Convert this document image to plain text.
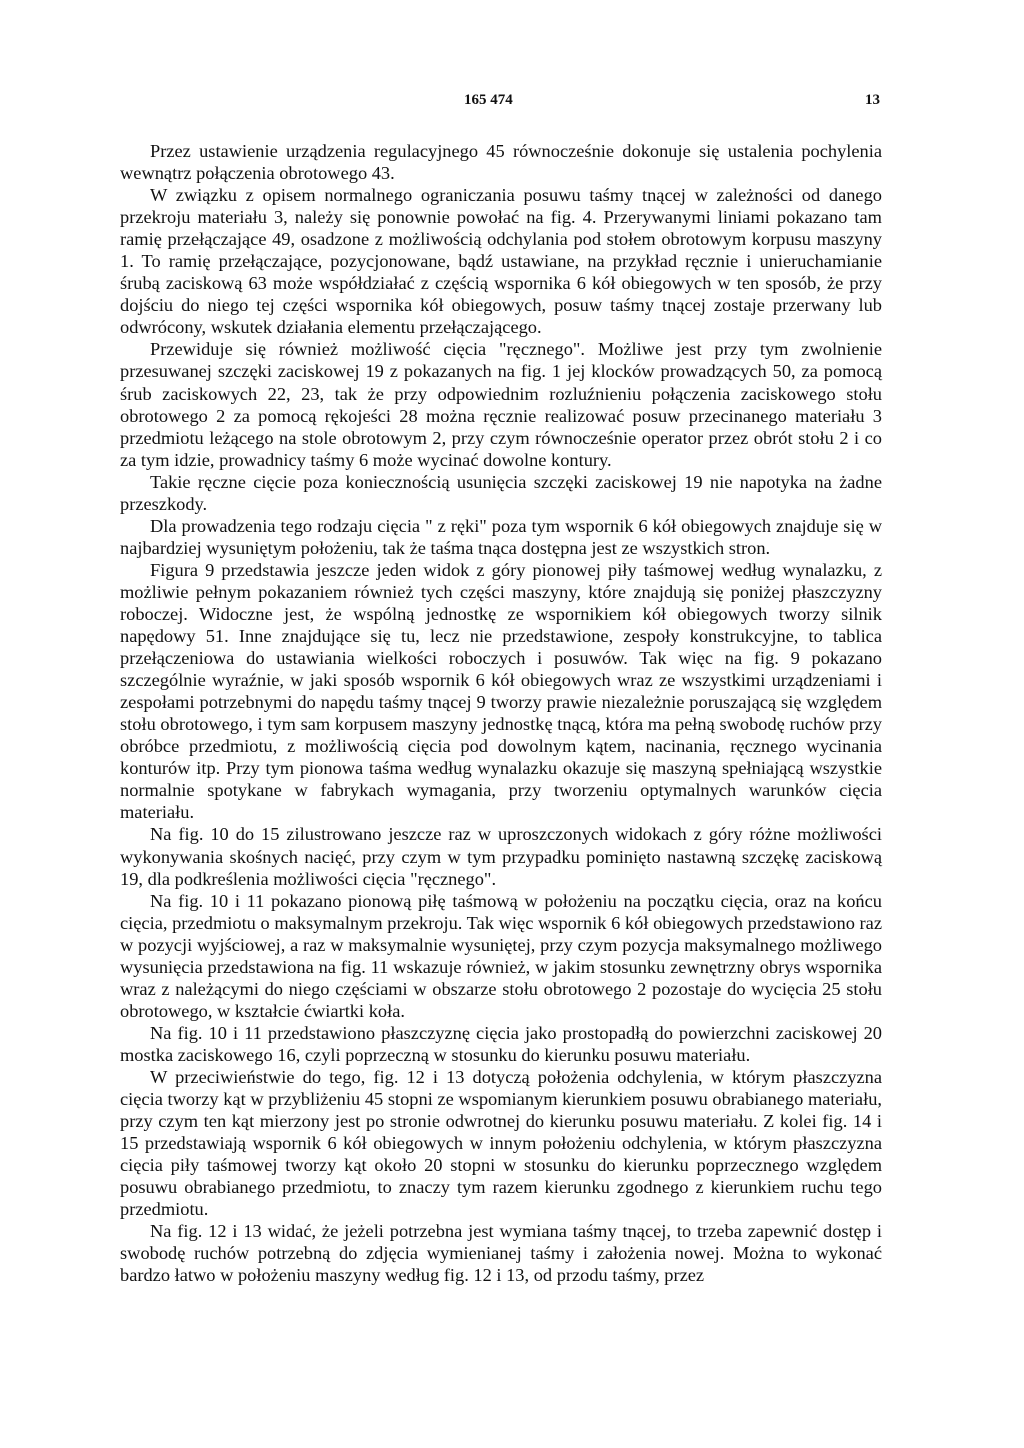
165 474	13

Przez ustawienie urządzenia regulacyjnego 45 równocześnie dokonuje się ustalenia pochylenia wewnątrz połączenia obrotowego 43.

W związku z opisem normalnego ograniczania posuwu taśmy tnącej w zależności od danego przekroju materiału 3, należy się ponownie powołać na fig. 4. Przerywanymi liniami pokazano tam ramię przełączające 49, osadzone z możliwością odchylania pod stołem obrotowym korpusu maszyny 1. To ramię przełączające, pozycjonowane, bądź ustawiane, na przykład ręcznie i unieruchamianie śrubą zaciskową 63 może współdziałać z częścią wspornika 6 kół obiegowych w ten sposób, że przy dojściu do niego tej części wspornika kół obiegowych, posuw taśmy tnącej zostaje przerwany lub odwrócony, wskutek działania elementu przełączającego.

Przewiduje się również możliwość cięcia "ręcznego". Możliwe jest przy tym zwolnienie przesuwanej szczęki zaciskowej 19 z pokazanych na fig. 1 jej klocków prowadzących 50, za pomocą śrub zaciskowych 22, 23, tak że przy odpowiednim rozluźnieniu połączenia zaciskowego stołu obrotowego 2 za pomocą rękojeści 28 można ręcznie realizować posuw przecinanego materiału 3 przedmiotu leżącego na stole obrotowym 2, przy czym równocześnie operator przez obrót stołu 2 i co za tym idzie, prowadnicy taśmy 6 może wycinać dowolne kontury.

Takie ręczne cięcie poza koniecznością usunięcia szczęki zaciskowej 19 nie napotyka na żadne przeszkody.

Dla prowadzenia tego rodzaju cięcia " z ręki" poza tym wspornik 6 kół obiegowych znajduje się w najbardziej wysuniętym położeniu, tak że taśma tnąca dostępna jest ze wszystkich stron.

Figura 9 przedstawia jeszcze jeden widok z góry pionowej piły taśmowej według wynalazku, z możliwie pełnym pokazaniem również tych części maszyny, które znajdują się poniżej płaszczyzny roboczej. Widoczne jest, że wspólną jednostkę ze wspornikiem kół obiegowych tworzy silnik napędowy 51. Inne znajdujące się tu, lecz nie przedstawione, zespoły konstrukcyjne, to tablica przełączeniowa do ustawiania wielkości roboczych i posuwów. Tak więc na fig. 9 pokazano szczególnie wyraźnie, w jaki sposób wspornik 6 kół obiegowych wraz ze wszystkimi urządzeniami i zespołami potrzebnymi do napędu taśmy tnącej 9 tworzy prawie niezależnie poruszającą się względem stołu obrotowego, i tym sam korpusem maszyny jednostkę tnącą, która ma pełną swobodę ruchów przy obróbce przedmiotu, z możliwością cięcia pod dowolnym kątem, nacinania, ręcznego wycinania konturów itp. Przy tym pionowa taśma według wynalazku okazuje się maszyną spełniającą wszystkie normalnie spotykane w fabrykach wymagania, przy tworzeniu optymalnych warunków cięcia materiału.

Na fig. 10 do 15 zilustrowano jeszcze raz w uproszczonych widokach z góry różne możliwości wykonywania skośnych nacięć, przy czym w tym przypadku pominięto nastawną szczękę zaciskową 19, dla podkreślenia możliwości cięcia "ręcznego".

Na fig. 10 i 11 pokazano pionową piłę taśmową w położeniu na początku cięcia, oraz na końcu cięcia, przedmiotu o maksymalnym przekroju. Tak więc wspornik 6 kół obiegowych przedstawiono raz w pozycji wyjściowej, a raz w maksymalnie wysuniętej, przy czym pozycja maksymalnego możliwego wysunięcia przedstawiona na fig. 11 wskazuje również, w jakim stosunku zewnętrzny obrys wspornika wraz z należącymi do niego częściami w obszarze stołu obrotowego 2 pozostaje do wycięcia 25 stołu obrotowego, w kształcie ćwiartki koła.

Na fig. 10 i 11 przedstawiono płaszczyznę cięcia jako prostopadłą do powierzchni zaciskowej 20 mostka zaciskowego 16, czyli poprzeczną w stosunku do kierunku posuwu materiału.

W przeciwieństwie do tego, fig. 12 i 13 dotyczą położenia odchylenia, w którym płaszczyzna cięcia tworzy kąt w przybliżeniu 45 stopni ze wspomianym kierunkiem posuwu obrabianego materiału, przy czym ten kąt mierzony jest po stronie odwrotnej do kierunku posuwu materiału. Z kolei fig. 14 i 15 przedstawiają wspornik 6 kół obiegowych w innym położeniu odchylenia, w którym płaszczyzna cięcia piły taśmowej tworzy kąt około 20 stopni w stosunku do kierunku poprzecznego względem posuwu obrabianego przedmiotu, to znaczy tym razem kierunku zgodnego z kierunkiem ruchu tego przedmiotu.

Na fig. 12 i 13 widać, że jeżeli potrzebna jest wymiana taśmy tnącej, to trzeba zapewnić dostęp i swobodę ruchów potrzebną do zdjęcia wymienianej taśmy i założenia nowej. Można to wykonać bardzo łatwo w położeniu maszyny według fig. 12 i 13, od przodu taśmy, przez
